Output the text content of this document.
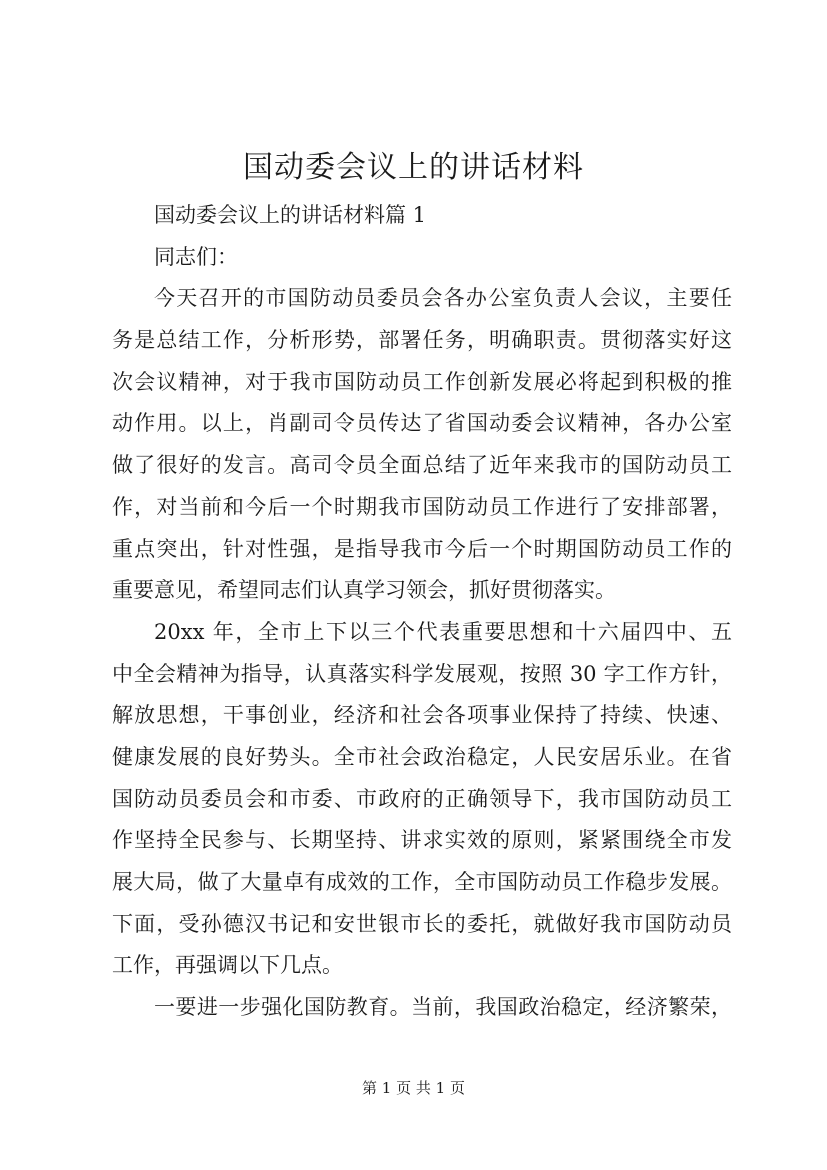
国动委会议上的讲话材料

国动委会议上的讲话材料篇 1

同志们：

今天召开的市国防动员委员会各办公室负责人会议，主要任

务是总结工作，分析形势，部署任务，明确职责。贯彻落实好这

次会议精神，对于我市国防动员工作创新发展必将起到积极的推

动作用。以上，肖副司令员传达了省国动委会议精神，各办公室

做了很好的发言。高司令员全面总结了近年来我市的国防动员工

作，对当前和今后一个时期我市国防动员工作进行了安排部署，

重点突出，针对性强，是指导我市今后一个时期国防动员工作的

重要意见，希望同志们认真学习领会，抓好贯彻落实。

20xx 年，全市上下以三个代表重要思想和十六届四中、五

中全会精神为指导，认真落实科学发展观，按照 30 字工作方针，

解放思想，干事创业，经济和社会各项事业保持了持续、快速、

健康发展的良好势头。全市社会政治稳定，人民安居乐业。在省

国防动员委员会和市委、市政府的正确领导下，我市国防动员工

作坚持全民参与、长期坚持、讲求实效的原则，紧紧围绕全市发

展大局，做了大量卓有成效的工作，全市国防动员工作稳步发展。

下面，受孙德汉书记和安世银市长的委托，就做好我市国防动员

工作，再强调以下几点。

一要进一步强化国防教育。当前，我国政治稳定，经济繁荣，

第 1 页 共 1 页
